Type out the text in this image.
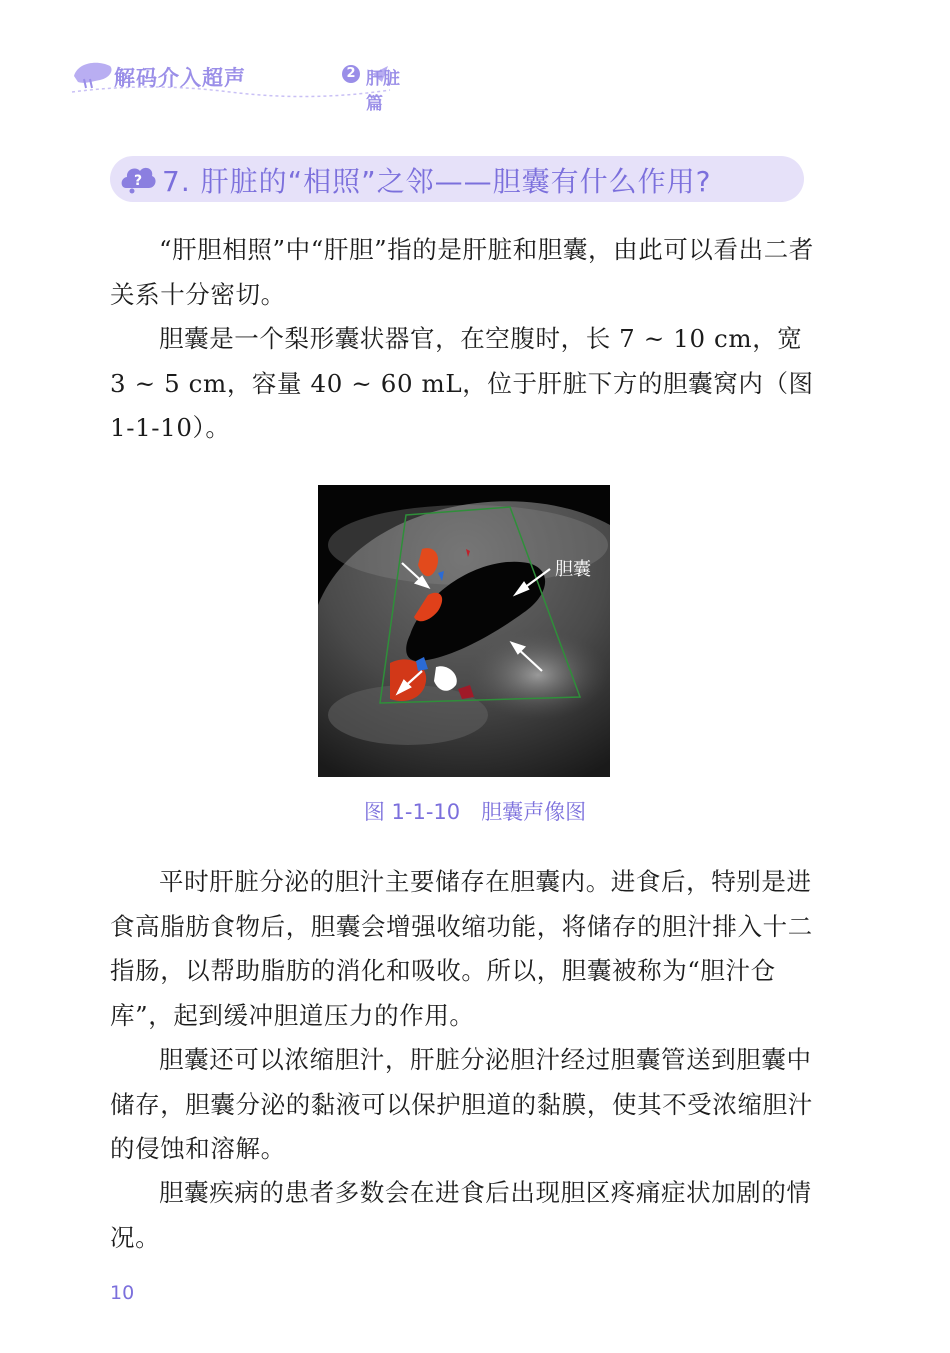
解码介入超声	2 肝脏篇
? 7. 肝脏的“相照”之邻——胆囊有什么作用?

“肝胆相照”中“肝胆”指的是肝脏和胆囊，由此可以看出二者关系十分密切。

胆囊是一个梨形囊状器官，在空腹时，长 7 ~ 10 cm，宽 3 ~ 5 cm，容量 40 ~ 60 mL，位于肝脏下方的胆囊窝内（图 1-1-10）。

胆囊
图 1-1-10　胆囊声像图

平时肝脏分泌的胆汁主要储存在胆囊内。进食后，特别是进食高脂肪食物后，胆囊会增强收缩功能，将储存的胆汁排入十二指肠，以帮助脂肪的消化和吸收。所以，胆囊被称为“胆汁仓库”，起到缓冲胆道压力的作用。

胆囊还可以浓缩胆汁，肝脏分泌胆汁经过胆囊管送到胆囊中储存，胆囊分泌的黏液可以保护胆道的黏膜，使其不受浓缩胆汁的侵蚀和溶解。

胆囊疾病的患者多数会在进食后出现胆区疼痛症状加剧的情况。

10
